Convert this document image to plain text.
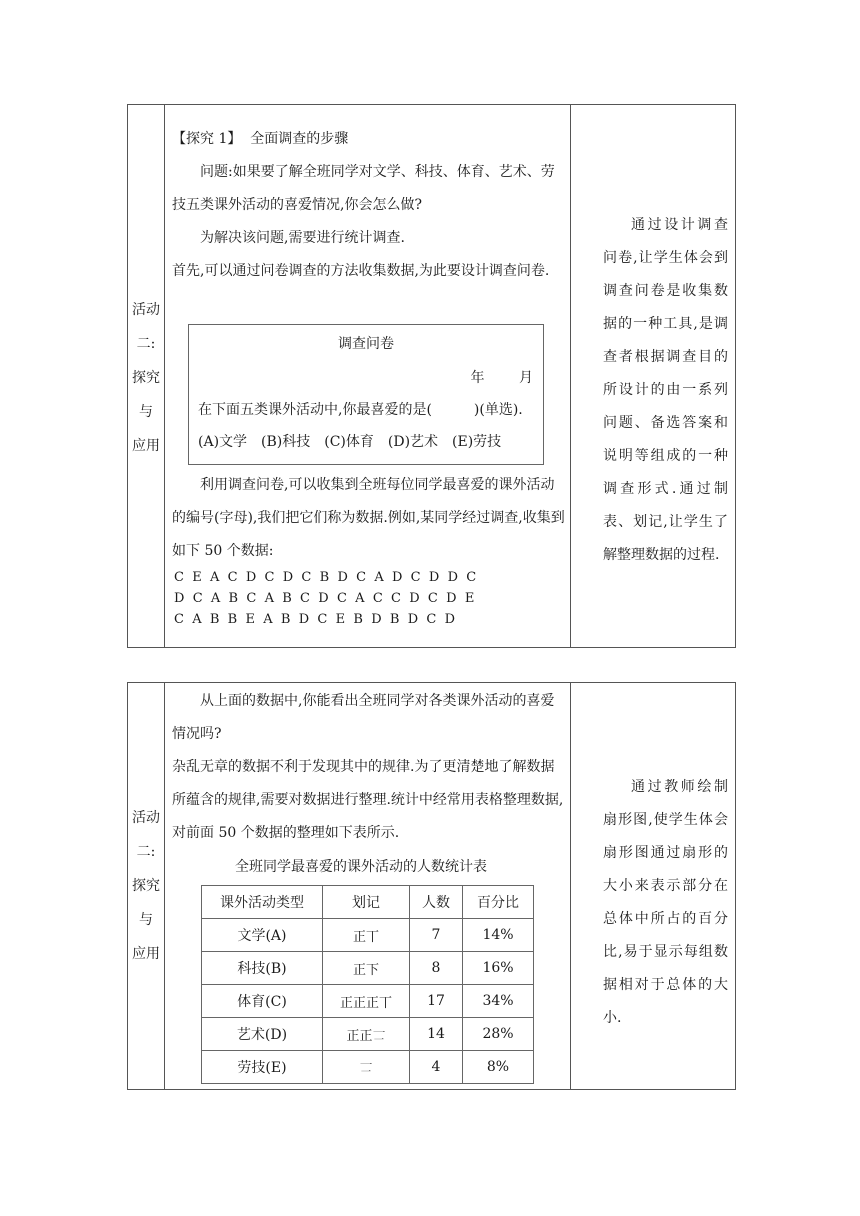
活动
二:
探究
与
应用

【探究 1】 全面调查的步骤

问题:如果要了解全班同学对文学、科技、体育、艺术、劳技五类课外活动的喜爱情况,你会怎么做?

为解决该问题,需要进行统计调查.

首先,可以通过问卷调查的方法收集数据,为此要设计调查问卷.

调查问卷
年 月
在下面五类课外活动中,你最喜爱的是(　　　)(单选).
(A)文学　(B)科技　(C)体育　(D)艺术　(E)劳技

利用调查问卷,可以收集到全班每位同学最喜爱的课外活动的编号(字母),我们把它们称为数据.例如,某同学经过调查,收集到如下 50 个数据:

C  E  A  C  D  C  D  C  B  D  C  A  D  C  D  D  C
D  C  A  B  C  A  B  C  D  C  A  C  C  D  C  D  E
C  A  B  B  E  A  B  D  C  E  B  D  B  D  C  D

通过设计调查问卷,让学生体会到调查问卷是收集数据的一种工具,是调查者根据调查目的所设计的由一系列问题、备选答案和说明等组成的一种调查形式.通过制表、划记,让学生了解整理数据的过程.

活动
二:
探究
与
应用

从上面的数据中,你能看出全班同学对各类课外活动的喜爱情况吗?

杂乱无章的数据不利于发现其中的规律.为了更清楚地了解数据所蕴含的规律,需要对数据进行整理.统计中经常用表格整理数据,对前面 50 个数据的整理如下表所示.

全班同学最喜爱的课外活动的人数统计表
课外活动类型	划记	人数	百分比
文学(A)	正丅	7	14%
科技(B)	正下	8	16%
体育(C)	正正正丅	17	34%
艺术(D)	正正𠄟	14	28%
劳技(E)	𠄟	4	8%

通过教师绘制扇形图,使学生体会扇形图通过扇形的大小来表示部分在总体中所占的百分比,易于显示每组数据相对于总体的大小.
